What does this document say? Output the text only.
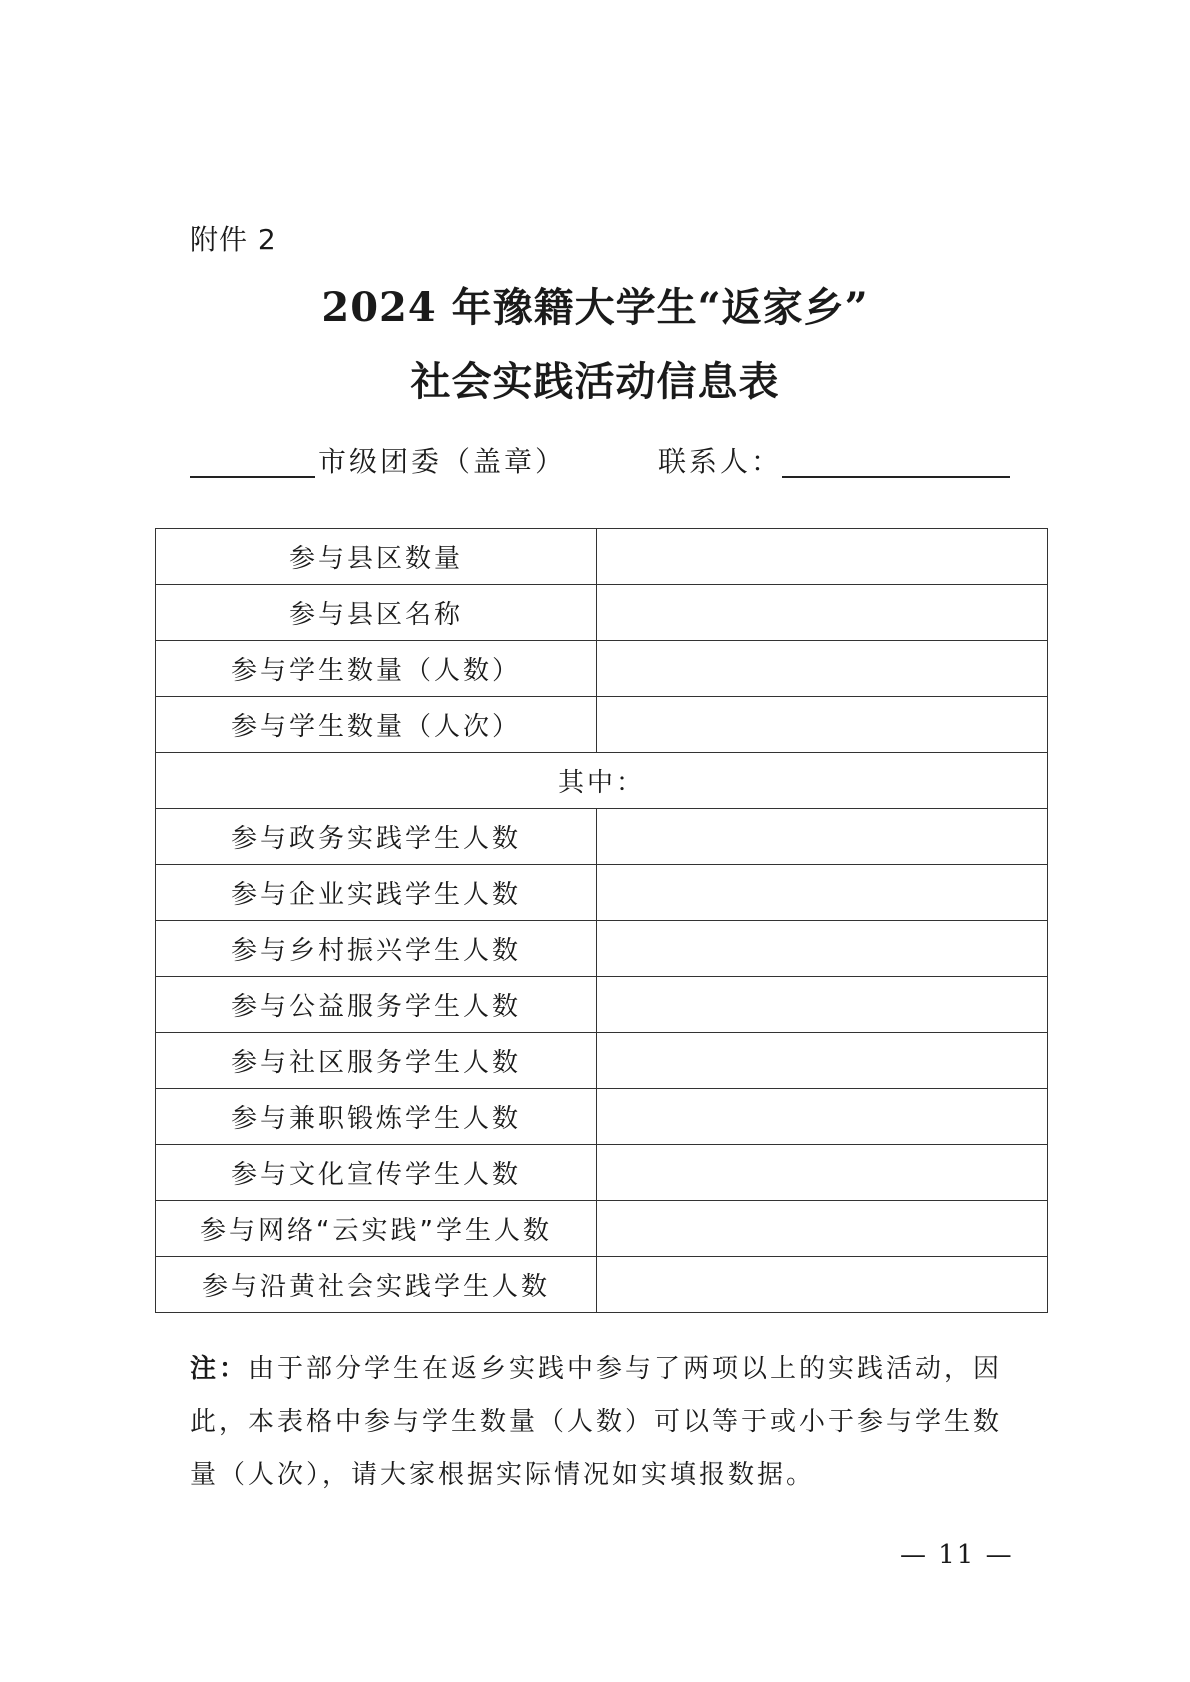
附件 2
2024 年豫籍大学生“返家乡”
社会实践活动信息表
市级团委（盖章）	联系人：
参与县区数量	
参与县区名称	
参与学生数量（人数）	
参与学生数量（人次）	
其中：	
参与政务实践学生人数	
参与企业实践学生人数	
参与乡村振兴学生人数	
参与公益服务学生人数	
参与社区服务学生人数	
参与兼职锻炼学生人数	
参与文化宣传学生人数	
参与网络“云实践”学生人数	
参与沿黄社会实践学生人数	
注：由于部分学生在返乡实践中参与了两项以上的实践活动，因此，本表格中参与学生数量（人数）可以等于或小于参与学生数量（人次），请大家根据实际情况如实填报数据。
— 11 —
